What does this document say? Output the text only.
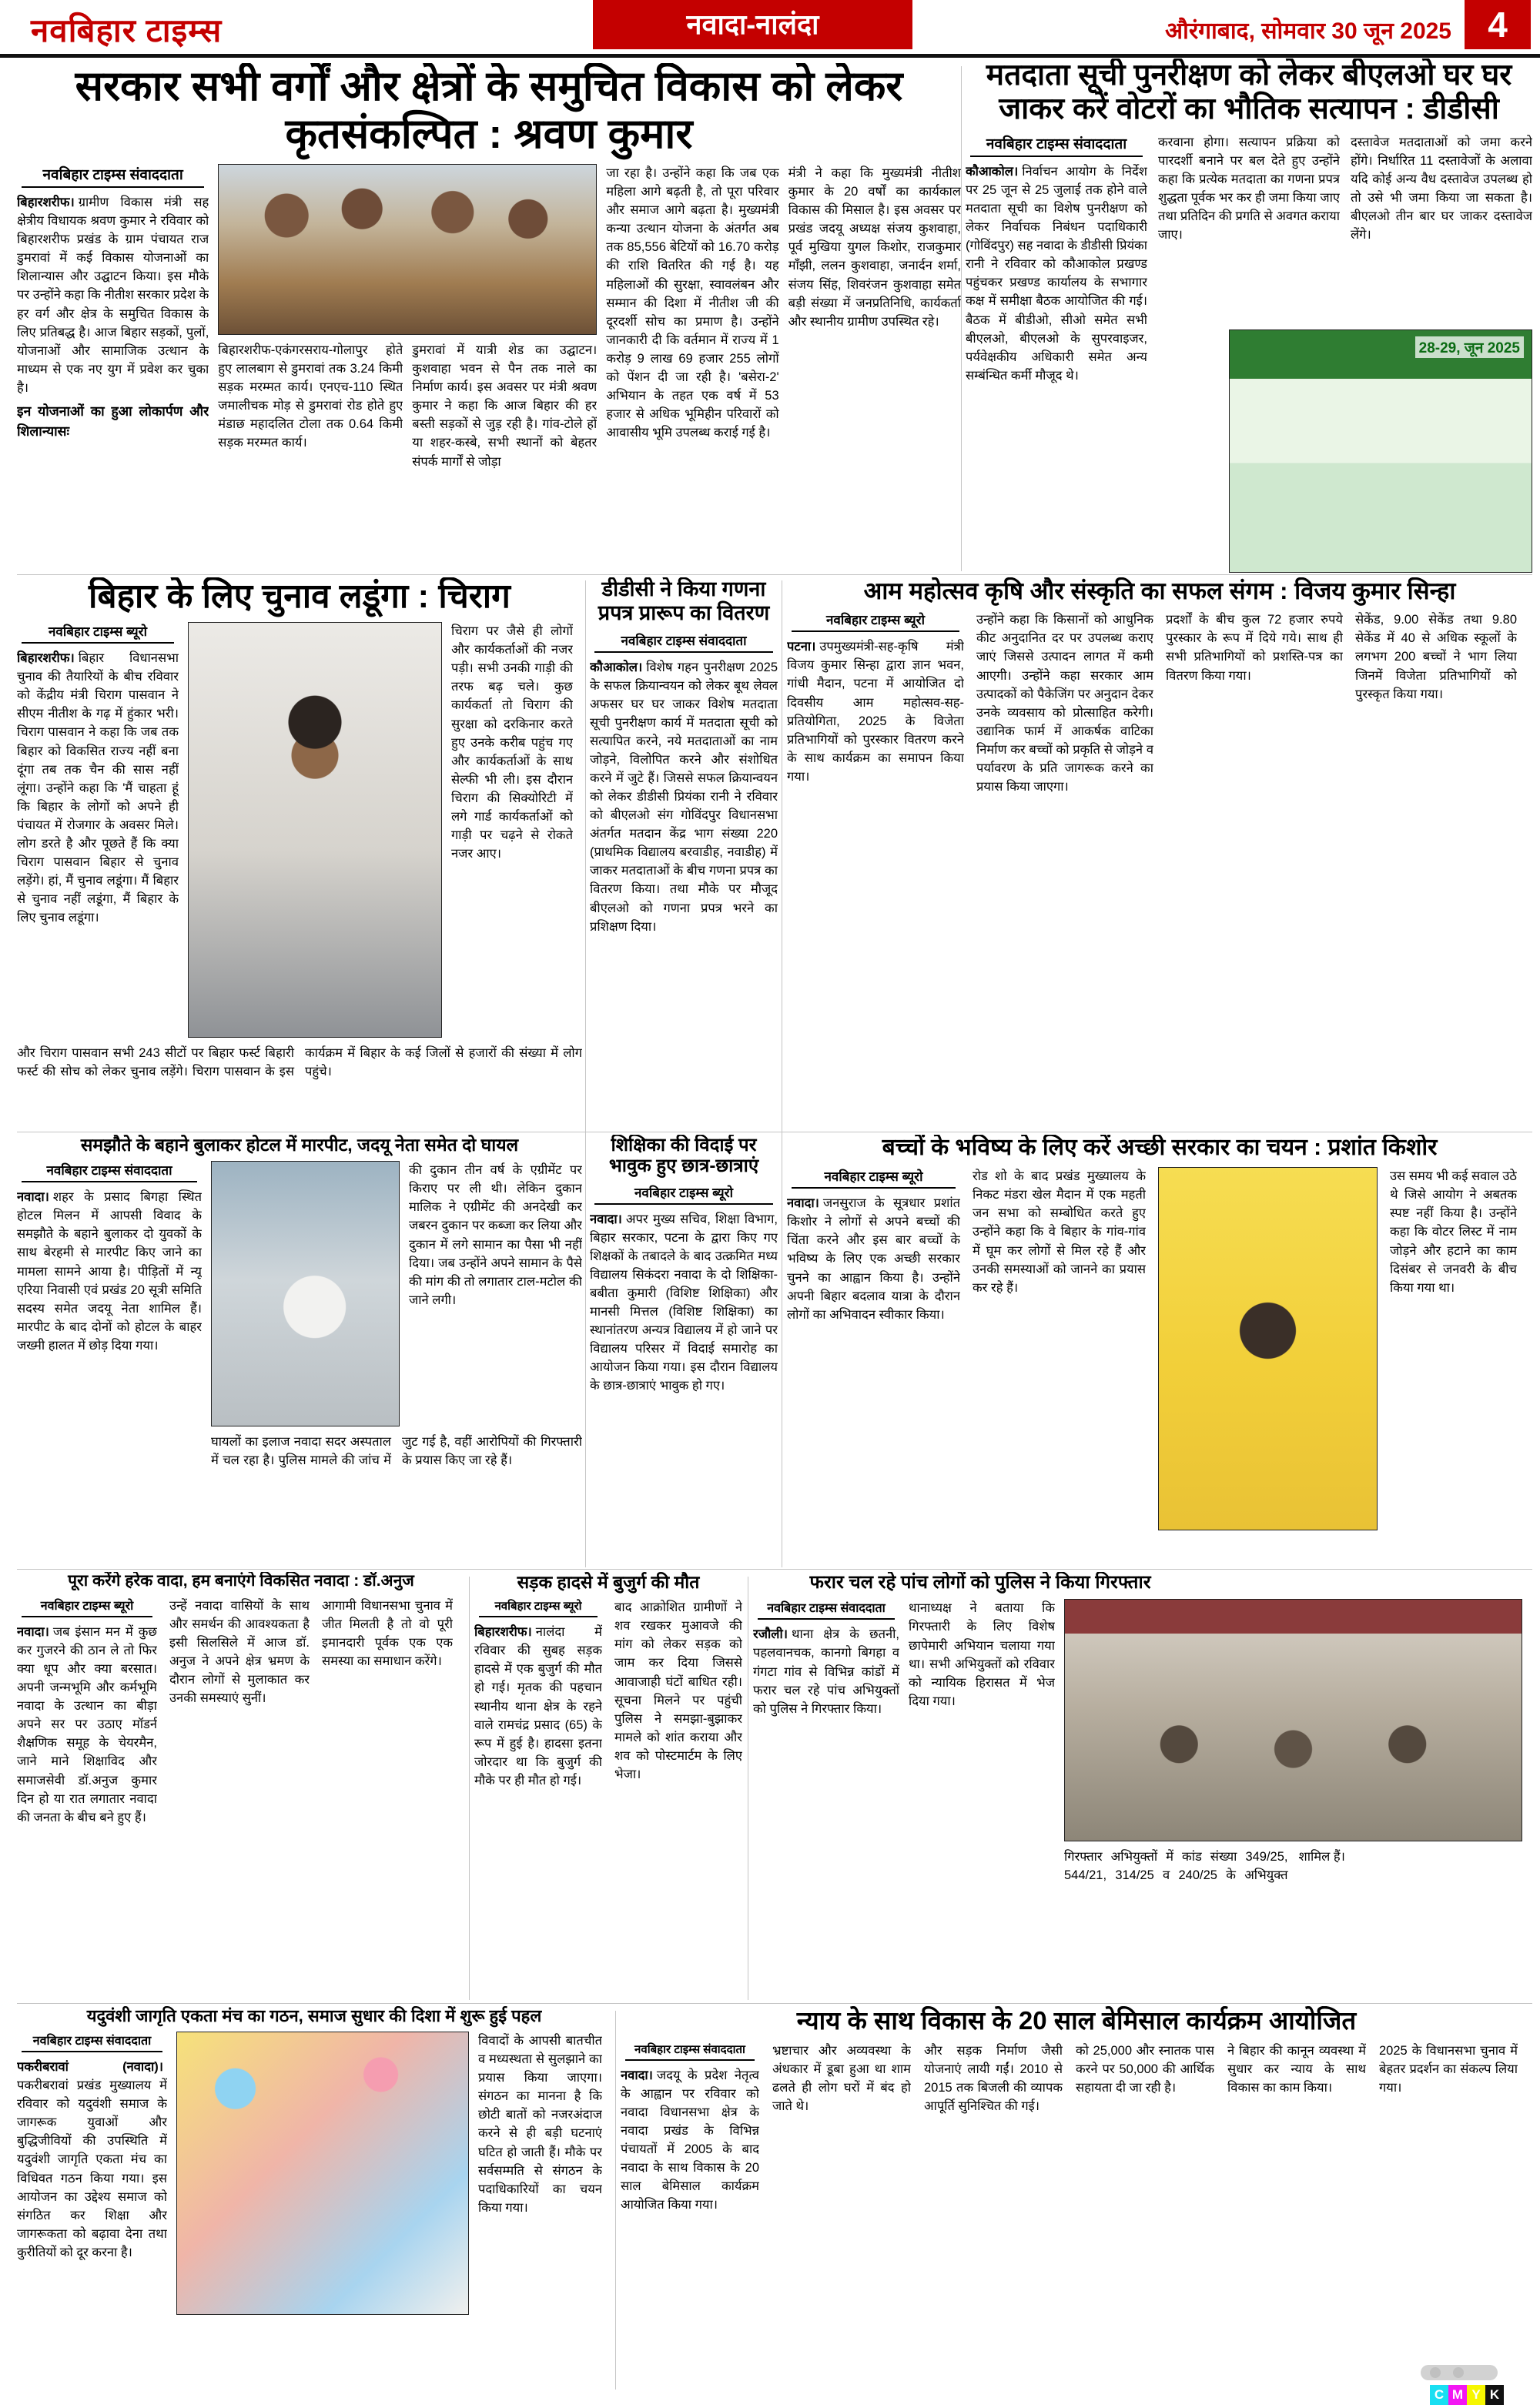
नवबिहार टाइम्स	नवादा-नालंदा	औरंगाबाद, सोमवार 30 जून 2025	4
सरकार सभी वर्गों और क्षेत्रों के समुचित विकास को लेकर कृतसंकल्पित : श्रवण कुमार
नवबिहार टाइम्स संवाददाता

बिहारशरीफ। ग्रामीण विकास मंत्री सह क्षेत्रीय विधायक श्रवण कुमार ने रविवार को बिहारशरीफ प्रखंड के ग्राम पंचायत राज डुमरावां में कई विकास योजनाओं का शिलान्यास और उद्घाटन किया। इस मौके पर उन्होंने कहा कि नीतीश सरकार प्रदेश के हर वर्ग और क्षेत्र के समुचित विकास के लिए प्रतिबद्ध है। आज बिहार सड़कों, पुलों, योजनाओं और सामाजिक उत्थान के माध्यम से एक नए युग में प्रवेश कर चुका है।

इन योजनाओं का हुआ लोकार्पण और शिलान्यासः

बिहारशरीफ-एकंगरसराय-गोलापुर होते हुए लालबाग से डुमरावां तक 3.24 किमी सड़क मरम्मत कार्य। एनएच-110 स्थित जमालीचक मोड़ से डुमरावां रोड होते हुए मंडाछ महादलित टोला तक 0.64 किमी सड़क मरम्मत कार्य।

डुमरावां में यात्री शेड का उद्घाटन। कुशवाहा भवन से पैन तक नाले का निर्माण कार्य। इस अवसर पर मंत्री श्रवण कुमार ने कहा कि आज बिहार की हर बस्ती सड़कों से जुड़ रही है। गांव-टोले हों या शहर-कस्बे, सभी स्थानों को बेहतर संपर्क मार्गों से जोड़ा

जा रहा है। उन्होंने कहा कि जब एक महिला आगे बढ़ती है, तो पूरा परिवार और समाज आगे बढ़ता है। मुख्यमंत्री कन्या उत्थान योजना के अंतर्गत अब तक 85,556 बेटियों को 16.70 करोड़ की राशि वितरित की गई है। यह महिलाओं की सुरक्षा, स्वावलंबन और सम्मान की दिशा में नीतीश जी की दूरदर्शी सोच का प्रमाण है। उन्होंने जानकारी दी कि वर्तमान में राज्य में 1 करोड़ 9 लाख 69 हजार 255 लोगों को पेंशन दी जा रही है। 'बसेरा-2' अभियान के तहत एक वर्ष में 53 हजार से अधिक भूमिहीन परिवारों को आवासीय भूमि उपलब्ध कराई गई है।

मंत्री ने कहा कि मुख्यमंत्री नीतीश कुमार के 20 वर्षों का कार्यकाल विकास की मिसाल है। इस अवसर पर प्रखंड जदयू अध्यक्ष संजय कुशवाहा, पूर्व मुखिया युगल किशोर, राजकुमार माँझी, ललन कुशवाहा, जनार्दन शर्मा, संजय सिंह, शिवरंजन कुशवाहा समेत बड़ी संख्या में जनप्रतिनिधि, कार्यकर्ता और स्थानीय ग्रामीण उपस्थित रहे।

मतदाता सूची पुनरीक्षण को लेकर बीएलओ घर घर जाकर करें वोटरों का भौतिक सत्यापन : डीडीसी
नवबिहार टाइम्स संवाददाता

कौआकोल। निर्वाचन आयोग के निर्देश पर 25 जून से 25 जुलाई तक होने वाले मतदाता सूची का विशेष पुनरीक्षण को लेकर निर्वाचक निबंधन पदाधिकारी (गोविंदपुर) सह नवादा के डीडीसी प्रियंका रानी ने रविवार को कौआकोल प्रखण्ड पहुंचकर प्रखण्ड कार्यालय के सभागार कक्ष में समीक्षा बैठक आयोजित की गई। बैठक में बीडीओ, सीओ समेत सभी बीएलओ, बीएलओ के सुपरवाइजर, पर्यवेक्षकीय अधिकारी समेत अन्य सम्बंन्धित कर्मी मौजूद थे।

करवाना होगा। सत्यापन प्रक्रिया को पारदर्शी बनाने पर बल देते हुए उन्होंने कहा कि प्रत्येक मतदाता का गणना प्रपत्र शुद्धता पूर्वक भर कर ही जमा किया जाए तथा प्रतिदिन की प्रगति से अवगत कराया जाए।

दस्तावेज मतदाताओं को जमा करने होंगे। निर्धारित 11 दस्तावेजों के अलावा यदि कोई अन्य वैध दस्तावेज उपलब्ध हो तो उसे भी जमा किया जा सकता है। बीएलओ तीन बार घर जाकर दस्तावेज लेंगे।

28-29, जून 2025
बिहार के लिए चुनाव लडूंगा : चिराग
नवबिहार टाइम्स ब्यूरो

बिहारशरीफ। बिहार विधानसभा चुनाव की तैयारियों के बीच रविवार को केंद्रीय मंत्री चिराग पासवान ने सीएम नीतीश के गढ़ में हुंकार भरी। चिराग पासवान ने कहा कि जब तक बिहार को विकसित राज्य नहीं बना दूंगा तब तक चैन की सास नहीं लूंगा। उन्होंने कहा कि 'मैं चाहता हूं कि बिहार के लोगों को अपने ही पंचायत में रोजगार के अवसर मिले। लोग डरते है और पूछते हैं कि क्या चिराग पासवान बिहार से चुनाव लड़ेंगे। हां, मैं चुनाव लडूंगा। मैं बिहार से चुनाव नहीं लडूंगा, मैं बिहार के लिए चुनाव लडूंगा।

चिराग पर जैसे ही लोगों और कार्यकर्ताओं की नजर पड़ी। सभी उनकी गाड़ी की तरफ बढ़ चले। कुछ कार्यकर्ता तो चिराग की सुरक्षा को दरकिनार करते हुए उनके करीब पहुंच गए और कार्यकर्ताओं के साथ सेल्फी भी ली। इस दौरान चिराग की सिक्योरिटी में लगे गार्ड कार्यकर्ताओं को गाड़ी पर चढ़ने से रोकते नजर आए।

और चिराग पासवान सभी 243 सीटों पर बिहार फर्स्ट बिहारी फर्स्ट की सोच को लेकर चुनाव लड़ेंगे। चिराग पासवान के इस कार्यक्रम में बिहार के कई जिलों से हजारों की संख्या में लोग पहुंचे।

डीडीसी ने किया गणना प्रपत्र प्रारूप का वितरण
नवबिहार टाइम्स संवाददाता

कौआकोल। विशेष गहन पुनरीक्षण 2025 के सफल क्रियान्वयन को लेकर बूथ लेवल अफसर घर घर जाकर विशेष मतदाता सूची पुनरीक्षण कार्य में मतदाता सूची को सत्यापित करने, नये मतदाताओं का नाम जोड़ने, विलोपित करने और संशोधित करने में जुटे हैं। जिससे सफल क्रियान्वयन को लेकर डीडीसी प्रियंका रानी ने रविवार को बीएलओ संग गोविंदपुर विधानसभा अंतर्गत मतदान केंद्र भाग संख्या 220 (प्राथमिक विद्यालय बरवाडीह, नवाडीह) में जाकर मतदाताओं के बीच गणना प्रपत्र का वितरण किया। तथा मौके पर मौजूद बीएलओ को गणना प्रपत्र भरने का प्रशिक्षण दिया।

आम महोत्सव कृषि और संस्कृति का सफल संगम : विजय कुमार सिन्हा
नवबिहार टाइम्स ब्यूरो

पटना। उपमुख्यमंत्री-सह-कृषि मंत्री विजय कुमार सिन्हा द्वारा ज्ञान भवन, गांधी मैदान, पटना में आयोजित दो दिवसीय आम महोत्सव-सह-प्रतियोगिता, 2025 के विजेता प्रतिभागियों को पुरस्कार वितरण करने के साथ कार्यक्रम का समापन किया गया।

उन्होंने कहा कि किसानों को आधुनिक कीट अनुदानित दर पर उपलब्ध कराए जाएं जिससे उत्पादन लागत में कमी आएगी। उन्होंने कहा सरकार आम उत्पादकों को पैकेजिंग पर अनुदान देकर उनके व्यवसाय को प्रोत्साहित करेगी। उद्यानिक फार्म में आकर्षक वाटिका निर्माण कर बच्चों को प्रकृति से जोड़ने व पर्यावरण के प्रति जागरूक करने का प्रयास किया जाएगा।

प्रदर्शों के बीच कुल 72 हजार रुपये पुरस्कार के रूप में दिये गये। साथ ही सभी प्रतिभागियों को प्रशस्ति-पत्र का वितरण किया गया।

सेकेंड, 9.00 सेकेंड तथा 9.80 सेकेंड में 40 से अधिक स्कूलों के लगभग 200 बच्चों ने भाग लिया जिनमें विजेता प्रतिभागियों को पुरस्कृत किया गया।

समझौते के बहाने बुलाकर होटल में मारपीट, जदयू नेता समेत दो घायल
नवबिहार टाइम्स संवाददाता

नवादा। शहर के प्रसाद बिगहा स्थित होटल मिलन में आपसी विवाद के समझौते के बहाने बुलाकर दो युवकों के साथ बेरहमी से मारपीट किए जाने का मामला सामने आया है। पीड़ितों में न्यू एरिया निवासी एवं प्रखंड 20 सूत्री समिति सदस्य समेत जदयू नेता शामिल हैं। मारपीट के बाद दोनों को होटल के बाहर जख्मी हालत में छोड़ दिया गया।

की दुकान तीन वर्ष के एग्रीमेंट पर किराए पर ली थी। लेकिन दुकान मालिक ने एग्रीमेंट की अनदेखी कर जबरन दुकान पर कब्जा कर लिया और दुकान में लगे सामान का पैसा भी नहीं दिया। जब उन्होंने अपने सामान के पैसे की मांग की तो लगातार टाल-मटोल की जाने लगी।

घायलों का इलाज नवादा सदर अस्पताल में चल रहा है। पुलिस मामले की जांच में जुट गई है, वहीं आरोपियों की गिरफ्तारी के प्रयास किए जा रहे हैं।

शिक्षिका की विदाई पर भावुक हुए छात्र-छात्राएं
नवबिहार टाइम्स ब्यूरो

नवादा। अपर मुख्य सचिव, शिक्षा विभाग, बिहार सरकार, पटना के द्वारा किए गए शिक्षकों के तबादले के बाद उत्क्रमित मध्य विद्यालय सिकंदरा नवादा के दो शिक्षिका-बबीता कुमारी (विशिष्ट शिक्षिका) और मानसी मित्तल (विशिष्ट शिक्षिका) का स्थानांतरण अन्यत्र विद्यालय में हो जाने पर विद्यालय परिसर में विदाई समारोह का आयोजन किया गया। इस दौरान विद्यालय के छात्र-छात्राएं भावुक हो गए।

बच्चों के भविष्य के लिए करें अच्छी सरकार का चयन : प्रशांत किशोर
नवबिहार टाइम्स ब्यूरो

नवादा। जनसुराज के सूत्रधार प्रशांत किशोर ने लोगों से अपने बच्चों की चिंता करने और इस बार बच्चों के भविष्य के लिए एक अच्छी सरकार चुनने का आह्वान किया है। उन्होंने अपनी बिहार बदलाव यात्रा के दौरान लोगों का अभिवादन स्वीकार किया।

रोड शो के बाद प्रखंड मुख्यालय के निकट मंडरा खेल मैदान में एक महती जन सभा को सम्बोधित करते हुए उन्होंने कहा कि वे बिहार के गांव-गांव में घूम कर लोगों से मिल रहे हैं और उनकी समस्याओं को जानने का प्रयास कर रहे हैं।

उस समय भी कई सवाल उठे थे जिसे आयोग ने अबतक स्पष्ट नहीं किया है। उन्होंने कहा कि वोटर लिस्ट में नाम जोड़ने और हटाने का काम दिसंबर से जनवरी के बीच किया गया था।

पूरा करेंगे हरेक वादा, हम बनाएंगे विकसित नवादा : डॉ.अनुज
नवबिहार टाइम्स ब्यूरो

नवादा। जब इंसान मन में कुछ कर गुजरने की ठान ले तो फिर क्या धूप और क्या बरसात। अपनी जन्मभूमि और कर्मभूमि नवादा के उत्थान का बीड़ा अपने सर पर उठाए मॉडर्न शैक्षणिक समूह के चेयरमैन, जाने माने शिक्षाविद और समाजसेवी डॉ.अनुज कुमार दिन हो या रात लगातार नवादा की जनता के बीच बने हुए हैं।

उन्हें नवादा वासियों के साथ और समर्थन की आवश्यकता है इसी सिलसिले में आज डॉ. अनुज ने अपने क्षेत्र भ्रमण के दौरान लोगों से मुलाकात कर उनकी समस्याएं सुनीं।

आगामी विधानसभा चुनाव में जीत मिलती है तो वो पूरी इमानदारी पूर्वक एक एक समस्या का समाधान करेंगे।

सड़क हादसे में बुजुर्ग की मौत
नवबिहार टाइम्स ब्यूरो

बिहारशरीफ। नालंदा में रविवार की सुबह सड़क हादसे में एक बुजुर्ग की मौत हो गई। मृतक की पहचान स्थानीय थाना क्षेत्र के रहने वाले रामचंद्र प्रसाद (65) के रूप में हुई है। हादसा इतना जोरदार था कि बुजुर्ग की मौके पर ही मौत हो गई।

बाद आक्रोशित ग्रामीणों ने शव रखकर मुआवजे की मांग को लेकर सड़क को जाम कर दिया जिससे आवाजाही घंटों बाधित रही। सूचना मिलने पर पहुंची पुलिस ने समझा-बुझाकर मामले को शांत कराया और शव को पोस्टमार्टम के लिए भेजा।

फरार चल रहे पांच लोगों को पुलिस ने किया गिरफ्तार
नवबिहार टाइम्स संवाददाता

रजौली। थाना क्षेत्र के छतनी, पहलवानचक, कानगो बिगहा व गंगटा गांव से विभिन्न कांडों में फरार चल रहे पांच अभियुक्तों को पुलिस ने गिरफ्तार किया।

थानाध्यक्ष ने बताया कि गिरफ्तारी के लिए विशेष छापेमारी अभियान चलाया गया था। सभी अभियुक्तों को रविवार को न्यायिक हिरासत में भेज दिया गया।

गिरफ्तार अभियुक्तों में कांड संख्या 349/25, 544/21, 314/25 व 240/25 के अभियुक्त शामिल हैं।

यदुवंशी जागृति एकता मंच का गठन, समाज सुधार की दिशा में शुरू हुई पहल
नवबिहार टाइम्स संवाददाता

पकरीबरावां (नवादा)।पकरीबरावां प्रखंड मुख्यालय में रविवार को यदुवंशी समाज के जागरूक युवाओं और बुद्धिजीवियों की उपस्थिति में यदुवंशी जागृति एकता मंच का विधिवत गठन किया गया। इस आयोजन का उद्देश्य समाज को संगठित कर शिक्षा और जागरूकता को बढ़ावा देना तथा कुरीतियों को दूर करना है।

विवादों के आपसी बातचीत व मध्यस्थता से सुलझाने का प्रयास किया जाएगा। संगठन का मानना है कि छोटी बातों को नजरअंदाज करने से ही बड़ी घटनाएं घटित हो जाती हैं। मौके पर सर्वसम्मति से संगठन के पदाधिकारियों का चयन किया गया।

न्याय के साथ विकास के 20 साल बेमिसाल कार्यक्रम आयोजित
नवबिहार टाइम्स संवाददाता

नवादा। जदयू के प्रदेश नेतृत्व के आह्वान पर रविवार को नवादा विधानसभा क्षेत्र के नवादा प्रखंड के विभिन्न पंचायतों में 2005 के बाद नवादा के साथ विकास के 20 साल बेमिसाल कार्यक्रम आयोजित किया गया।

भ्रष्टाचार और अव्यवस्था के अंधकार में डूबा हुआ था शाम ढलते ही लोग घरों में बंद हो जाते थे।

और सड़क निर्माण जैसी योजनाएं लायी गईं। 2010 से 2015 तक बिजली की व्यापक आपूर्ति सुनिश्चित की गई।

को 25,000 और स्नातक पास करने पर 50,000 की आर्थिक सहायता दी जा रही है।

ने बिहार की कानून व्यवस्था में सुधार कर न्याय के साथ विकास का काम किया।

2025 के विधानसभा चुनाव में बेहतर प्रदर्शन का संकल्प लिया गया।

C M Y K
